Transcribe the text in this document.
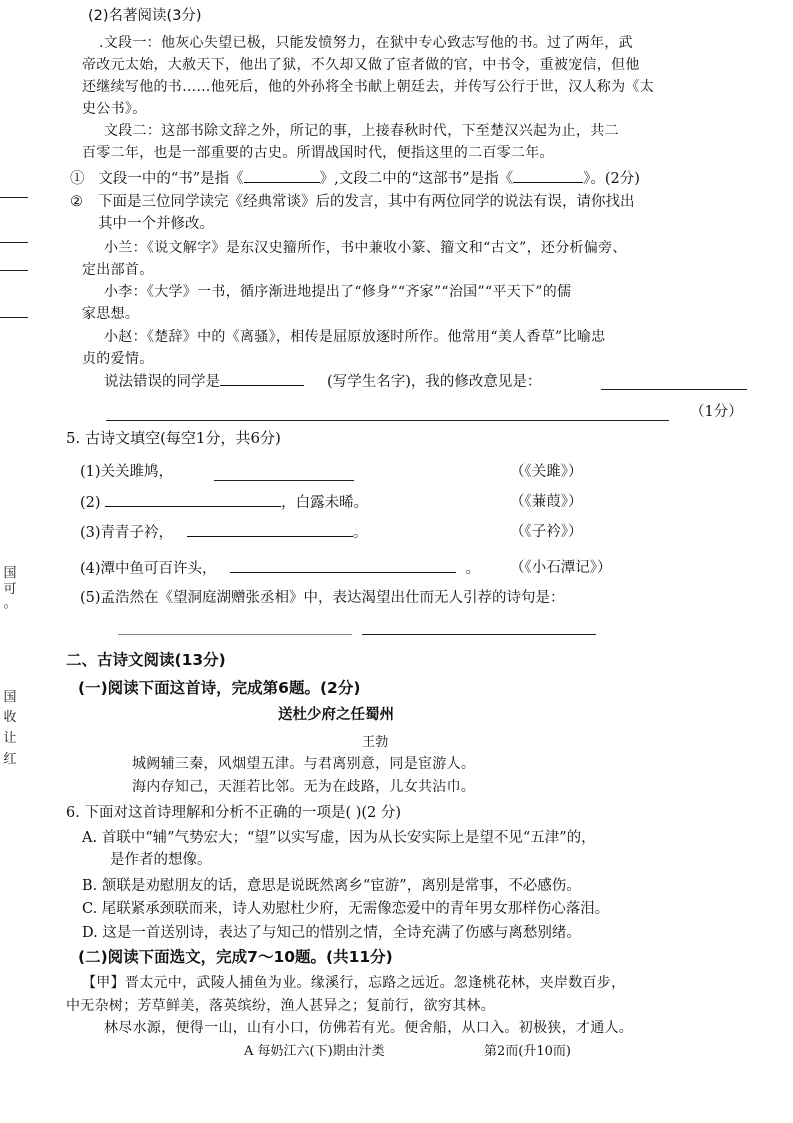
国
可
。
国
收
让
红
(2)名著阅读(3分)
.文段一：他灰心失望已极，只能发愤努力，在狱中专心致志写他的书。过了两年，武
帝改元太始，大赦天下，他出了狱，不久却又做了宦者做的官，中书令，重被宠信，但他
还继续写他的书……他死后，他的外孙将全书献上朝廷去，并传写公行于世，汉人称为《太
史公书》。
文段二：这部书除文辞之外，所记的事，上接春秋时代，下至楚汉兴起为止，共二
百零二年，也是一部重要的古史。所谓战国时代，便指这里的二百零二年。
① 文段一中的“书”是指《	》,文段二中的“这部书”是指《	》。(2分)
② 下面是三位同学读完《经典常谈》后的发言，其中有两位同学的说法有误，请你找出
其中一个并修改。
小兰：《说文解字》是东汉史籀所作，书中兼收小篆、籀文和“古文”，还分析偏旁、
定出部首。
小李：《大学》一书，循序渐进地提出了“修身”“齐家”“治国”“平天下”的儒
家思想。
小赵：《楚辞》中的《离骚》，相传是屈原放逐时所作。他常用“美人香草”比喻忠
贞的爱情。
说法错误的同学是	(写学生名字)，我的修改意见是：
（1分）
5. 古诗文填空(每空1分，共6分)
(1)关关雎鸠，	（《关雎》）
(2)	，白露未晞。	（《蒹葭》）
(3)青青子衿，	。	（《子衿》）
(4)潭中鱼可百许头，	。 （《小石潭记》）
(5)孟浩然在《望洞庭湖赠张丞相》中，表达渴望出仕而无人引荐的诗句是：
二、古诗文阅读(13分)
(一)阅读下面这首诗，完成第6题。(2分)
送杜少府之任蜀州
王勃
城阙辅三秦，风烟望五津。与君离别意，同是宦游人。
海内存知己，天涯若比邻。无为在歧路，儿女共沾巾。
6. 下面对这首诗理解和分析不正确的一项是( )(2 分)
A. 首联中“辅”气势宏大；“望”以实写虚，因为从长安实际上是望不见“五津”的，
是作者的想像。
B. 颔联是劝慰朋友的话，意思是说既然离乡“宦游”，离别是常事，不必感伤。
C. 尾联紧承颈联而来，诗人劝慰杜少府，无需像恋爱中的青年男女那样伤心落泪。
D. 这是一首送别诗，表达了与知己的惜别之情，全诗充满了伤感与离愁别绪。
(二)阅读下面选文，完成7～10题。(共11分)
【甲】晋太元中，武陵人捕鱼为业。缘溪行，忘路之远近。忽逢桃花林，夹岸数百步，
中无杂树；芳草鲜美，落英缤纷，渔人甚异之；复前行，欲穷其林。
林尽水源，便得一山，山有小口，仿佛若有光。便舍船，从口入。初极狭，才通人。
A 每奶江六(下)期由汁类	第2而(升10而)
